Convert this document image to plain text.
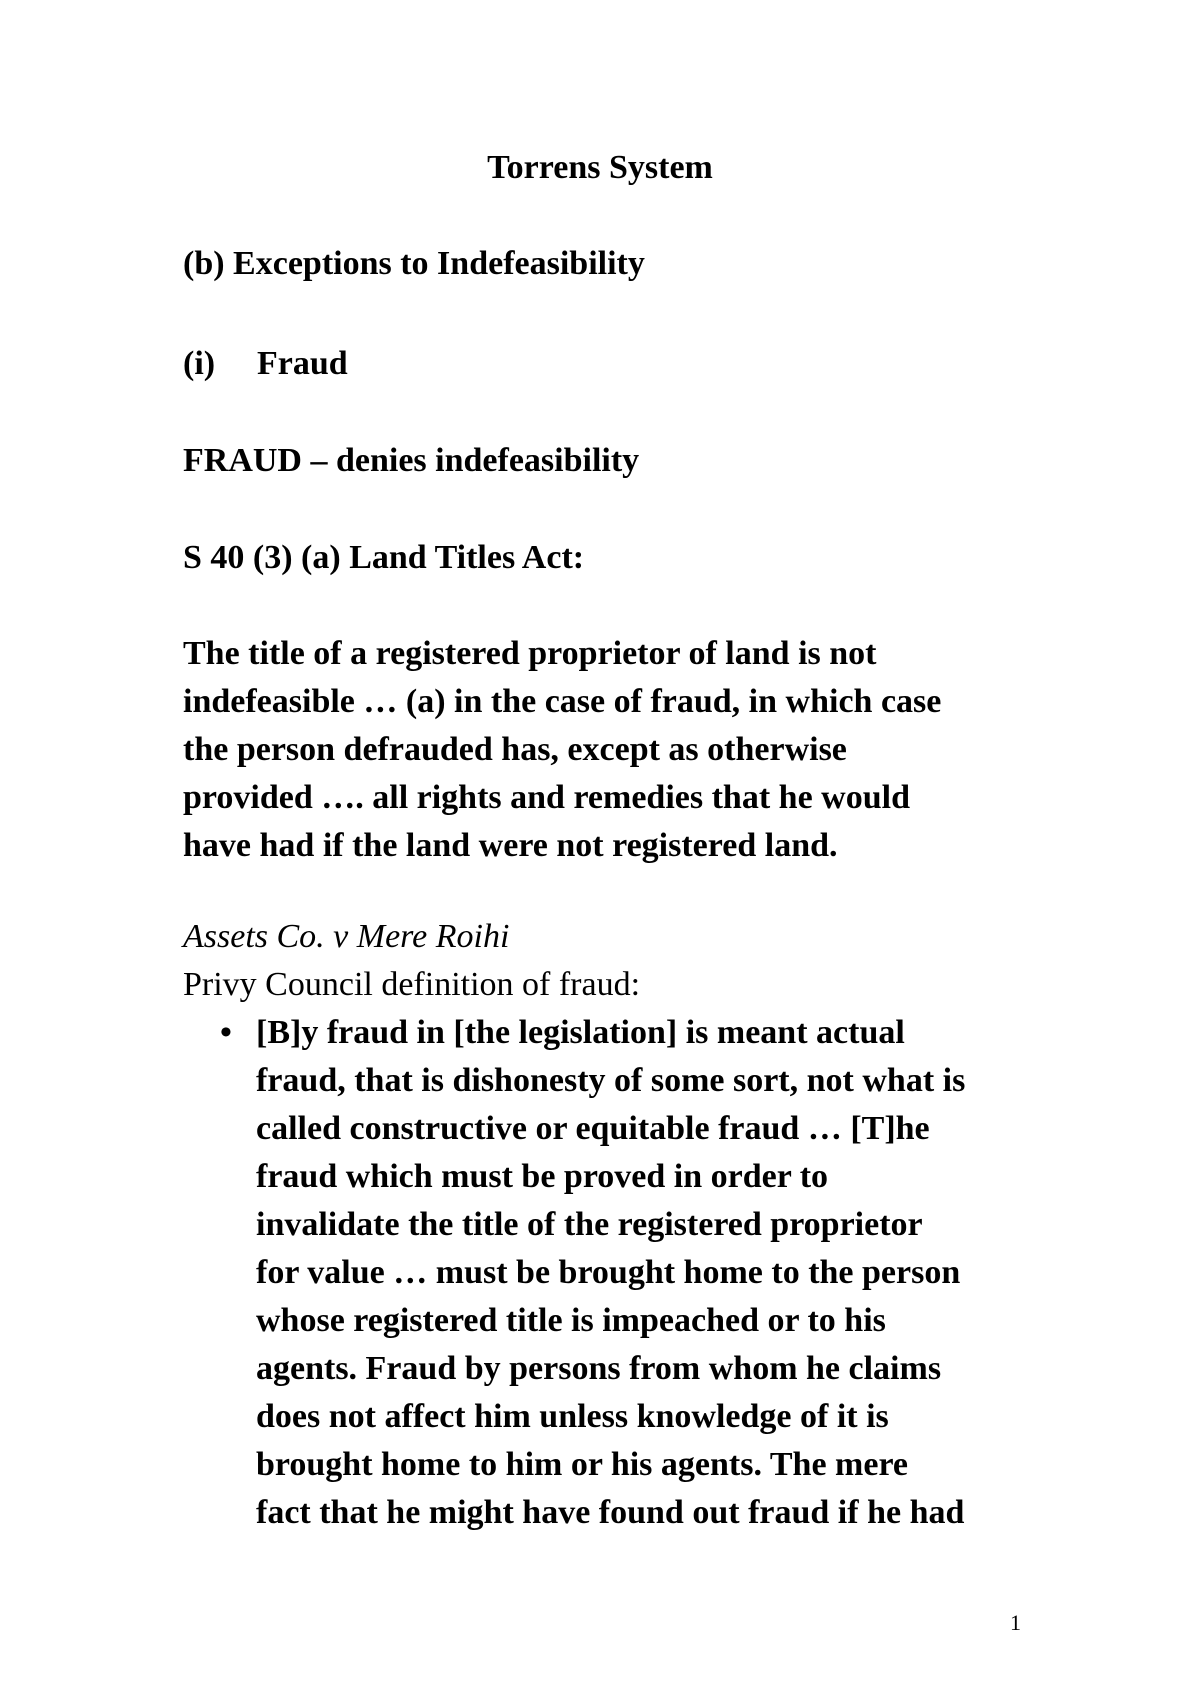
Torrens System

(b) Exceptions to Indefeasibility

(i) Fraud

FRAUD – denies indefeasibility

S 40 (3) (a) Land Titles Act:

The title of a registered proprietor of land is not
indefeasible … (a) in the case of fraud, in which case
the person defrauded has, except as otherwise
provided …. all rights and remedies that he would
have had if the land were not registered land.

Assets Co. v Mere Roihi

Privy Council definition of fraud:

• [B]y fraud in [the legislation] is meant actual
fraud, that is dishonesty of some sort, not what is
called constructive or equitable fraud … [T]he
fraud which must be proved in order to
invalidate the title of the registered proprietor
for value … must be brought home to the person
whose registered title is impeached or to his
agents. Fraud by persons from whom he claims
does not affect him unless knowledge of it is
brought home to him or his agents. The mere
fact that he might have found out fraud if he had
1
